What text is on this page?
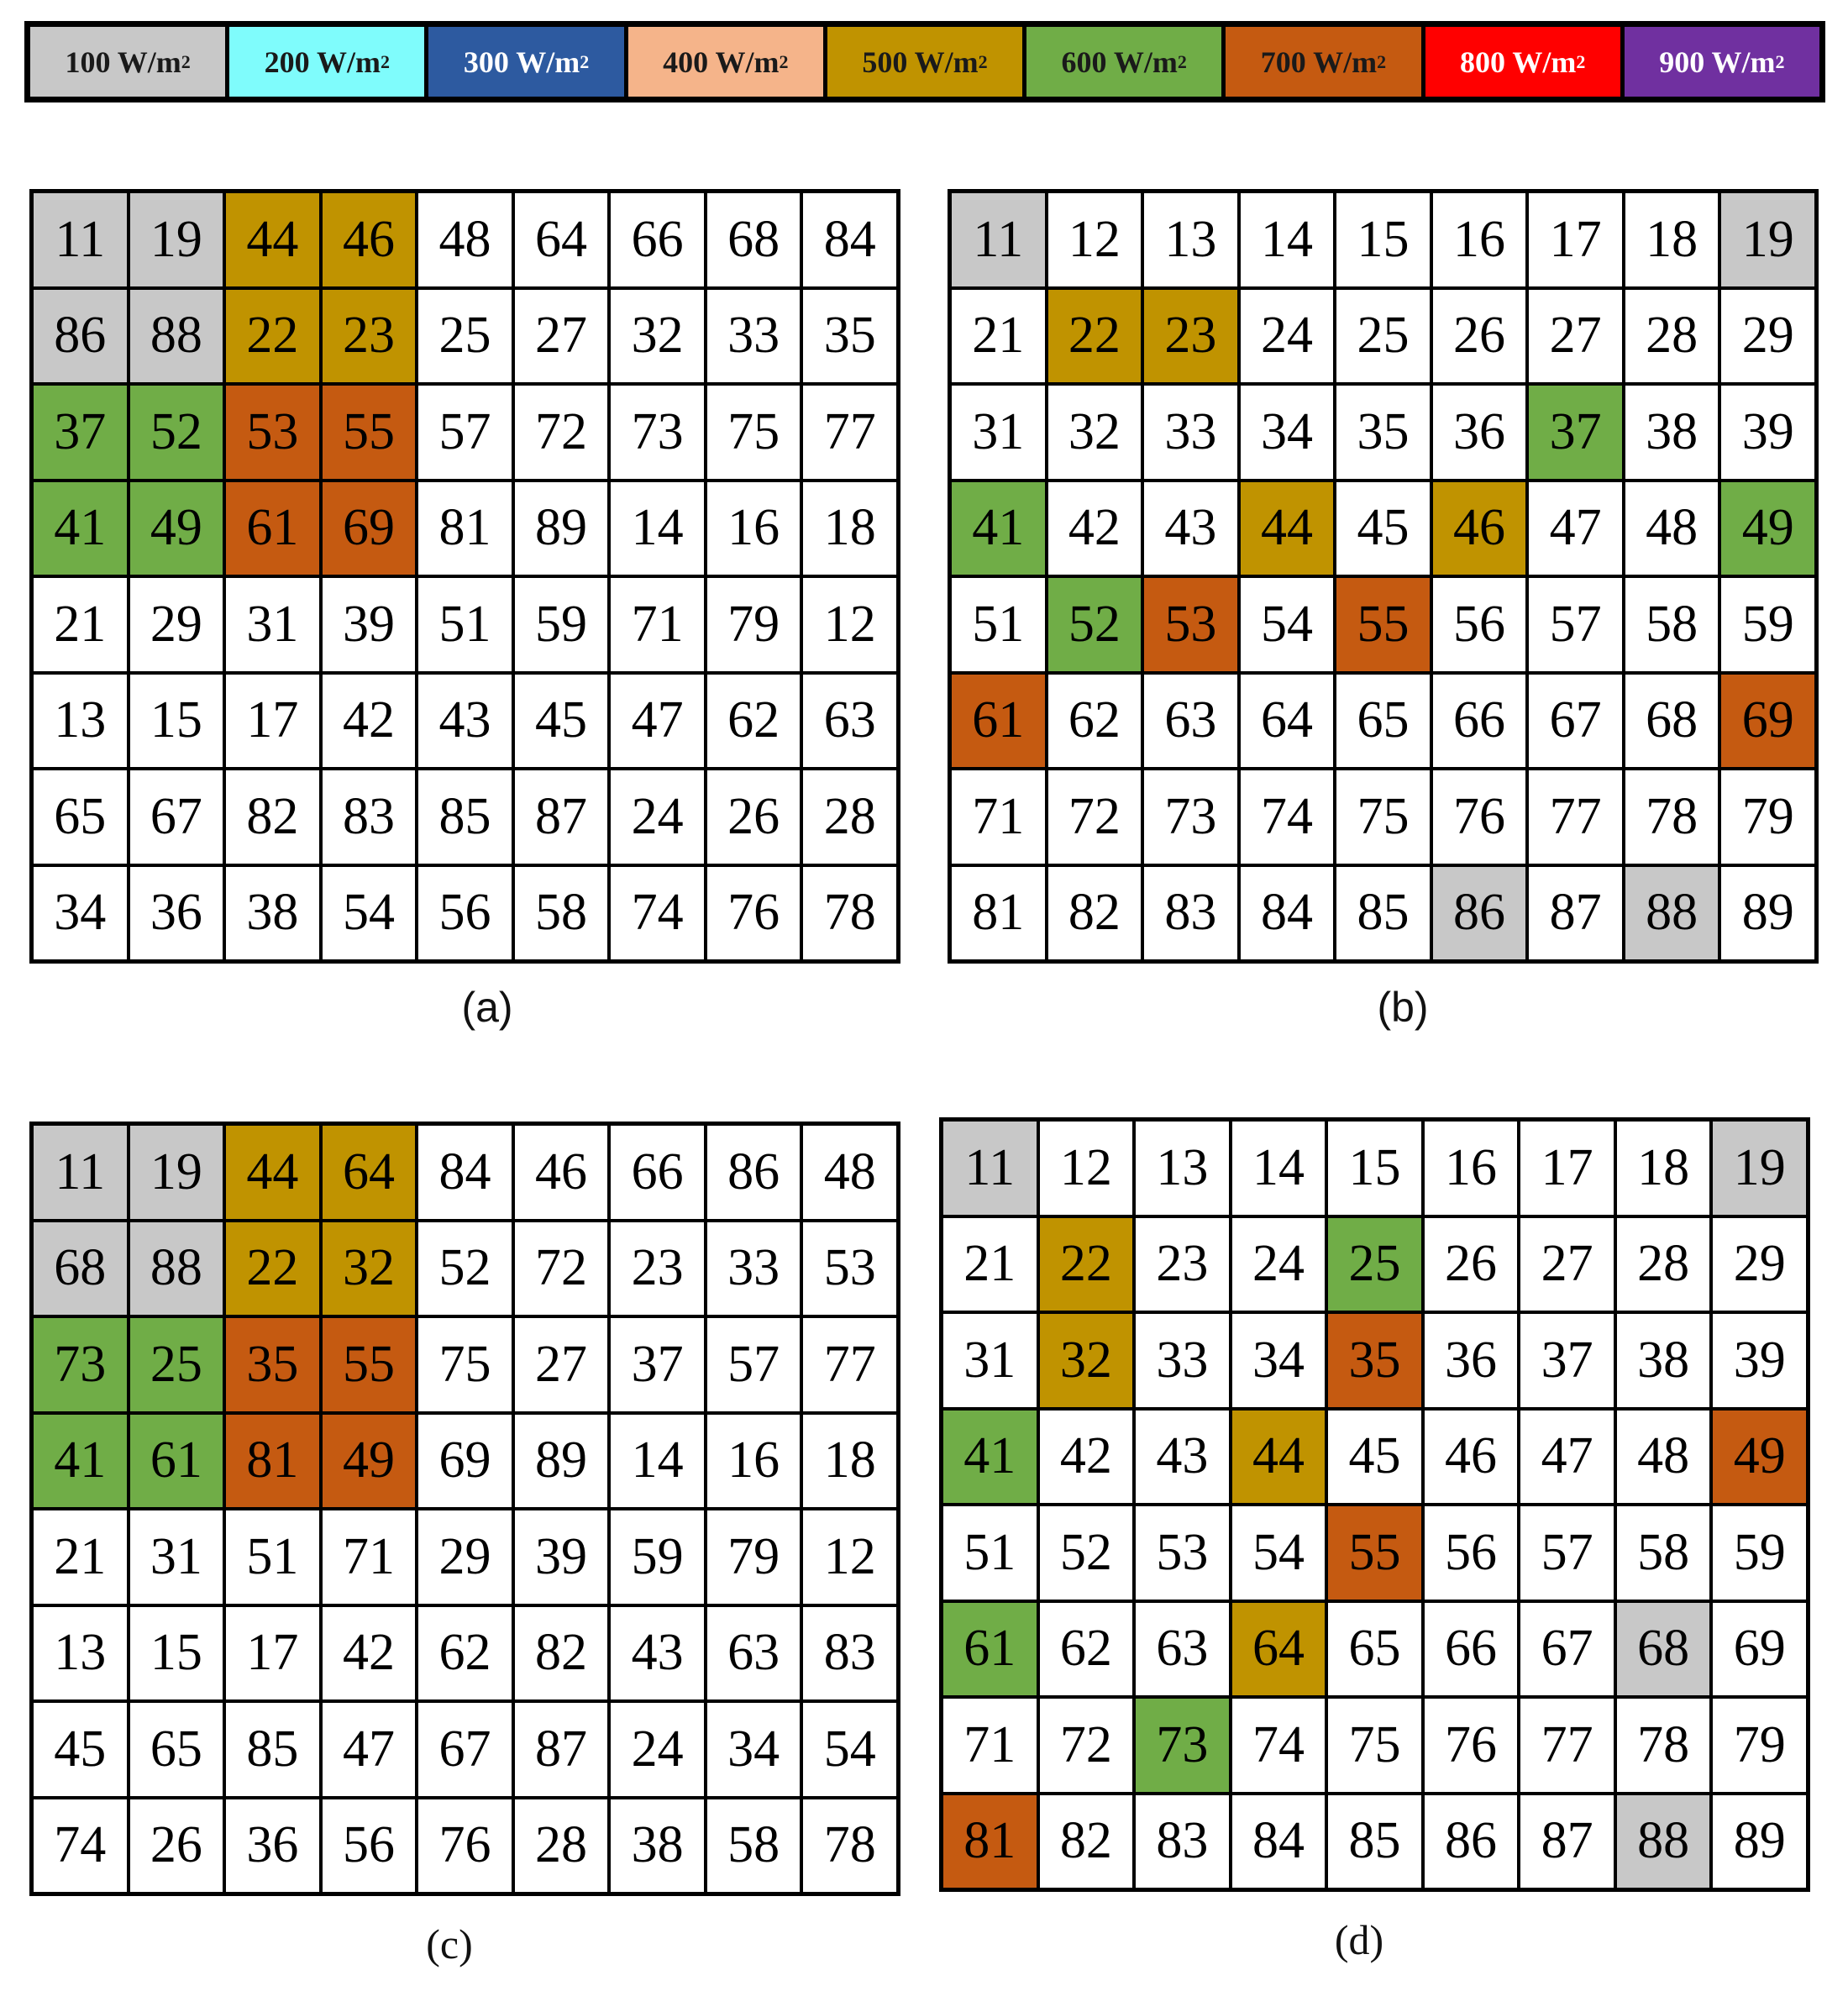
100 W/m 2 200 W/m 2 300 W/m 2 400 W/m 2 500 W/m 2 600 W/m 2 700 W/m 2 800 W/m 2 900 W/m 2
11 19 44 46 48 64 66 68 84
86 88 22 23 25 27 32 33 35
37 52 53 55 57 72 73 75 77
41 49 61 69 81 89 14 16 18
21 29 31 39 51 59 71 79 12
13 15 17 42 43 45 47 62 63
65 67 82 83 85 87 24 26 28
34 36 38 54 56 58 74 76 78
(a)
11 12 13 14 15 16 17 18 19
21 22 23 24 25 26 27 28 29
31 32 33 34 35 36 37 38 39
41 42 43 44 45 46 47 48 49
51 52 53 54 55 56 57 58 59
61 62 63 64 65 66 67 68 69
71 72 73 74 75 76 77 78 79
81 82 83 84 85 86 87 88 89
(b)
11 19 44 64 84 46 66 86 48
68 88 22 32 52 72 23 33 53
73 25 35 55 75 27 37 57 77
41 61 81 49 69 89 14 16 18
21 31 51 71 29 39 59 79 12
13 15 17 42 62 82 43 63 83
45 65 85 47 67 87 24 34 54
74 26 36 56 76 28 38 58 78
(c)
11 12 13 14 15 16 17 18 19
21 22 23 24 25 26 27 28 29
31 32 33 34 35 36 37 38 39
41 42 43 44 45 46 47 48 49
51 52 53 54 55 56 57 58 59
61 62 63 64 65 66 67 68 69
71 72 73 74 75 76 77 78 79
81 82 83 84 85 86 87 88 89
(d)
